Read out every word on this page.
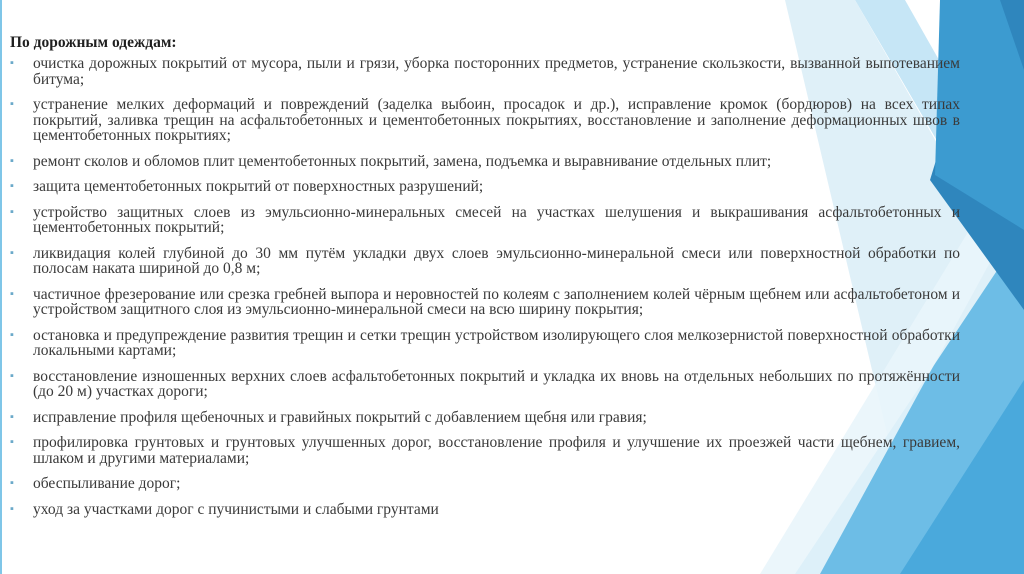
По дорожным одеждам:
▪ очистка дорожных покрытий от мусора, пыли и грязи, уборка посторонних предметов, устранение скользкости, вызванной выпотеванием битума;
▪ устранение мелких деформаций и повреждений (заделка выбоин, просадок и др.), исправление кромок (бордюров) на всех типах покрытий, заливка трещин на асфальтобетонных и цементобетонных покрытиях, восстановление и заполнение деформационных швов в цементобетонных покрытиях;
▪ ремонт сколов и обломов плит цементобетонных покрытий, замена, подъемка и выравнивание отдельных плит;
▪ защита цементобетонных покрытий от поверхностных разрушений;
▪ устройство защитных слоев из эмульсионно-минеральных смесей на участках шелушения и выкрашивания асфальтобетонных и цементобетонных покрытий;
▪ ликвидация колей глубиной до 30 мм путём укладки двух слоев эмульсионно-минеральной смеси или поверхностной обработки по полосам наката шириной до 0,8 м;
▪ частичное фрезерование или срезка гребней выпора и неровностей по колеям с заполнением колей чёрным щебнем или асфальтобетоном и устройством защитного слоя из эмульсионно-минеральной смеси на всю ширину покрытия;
▪ остановка и предупреждение развития трещин и сетки трещин устройством изолирующего слоя мелкозернистой поверхностной обработки локальными картами;
▪ восстановление изношенных верхних слоев асфальтобетонных покрытий и укладка их вновь на отдельных небольших по протяжённости (до 20 м) участках дороги;
▪ исправление профиля щебеночных и гравийных покрытий с добавлением щебня или гравия;
▪ профилировка грунтовых и грунтовых улучшенных дорог, восстановление профиля и улучшение их проезжей части щебнем, гравием, шлаком и другими материалами;
▪ обеспыливание дорог;
▪ уход за участками дорог с пучинистыми и слабыми грунтами
